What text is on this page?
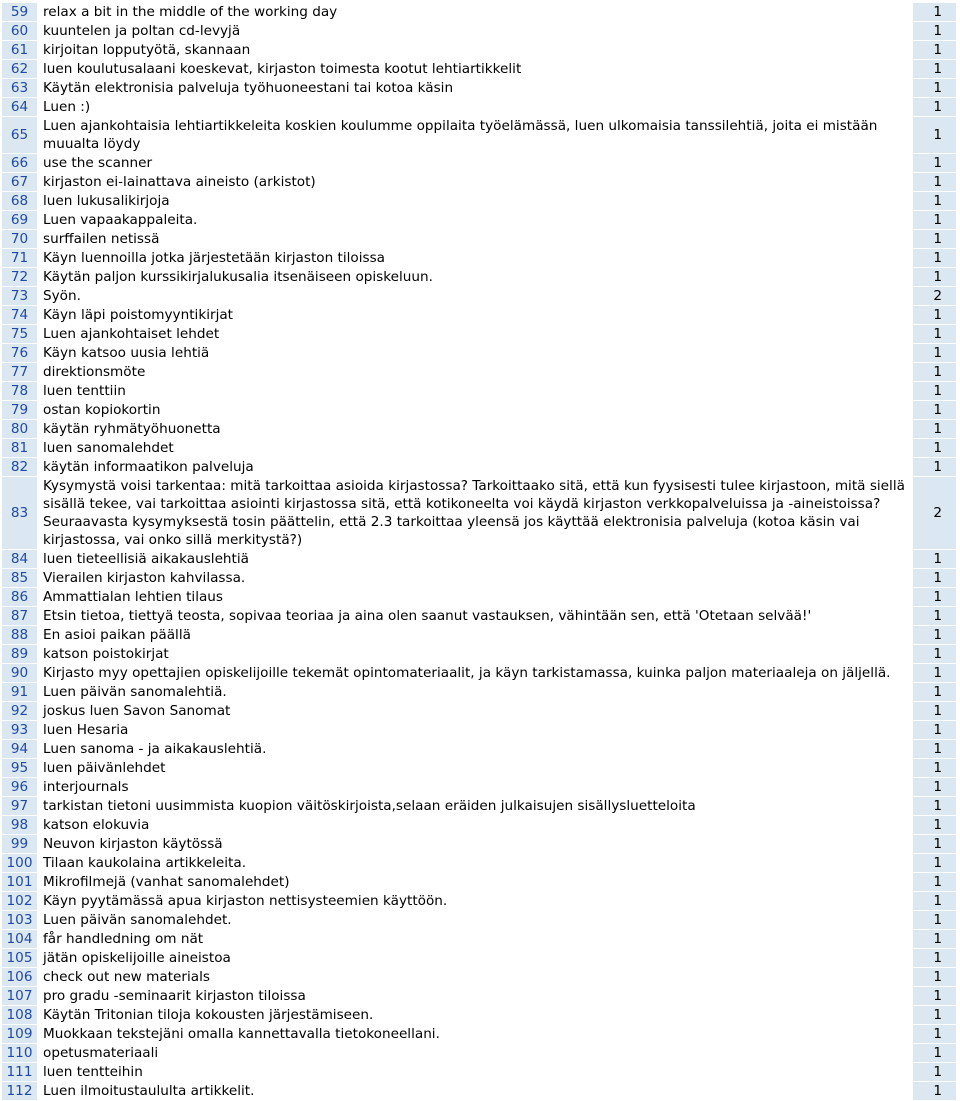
59	relax a bit in the middle of the working day	1
60	kuuntelen ja poltan cd-levyjä	1
61	kirjoitan lopputyötä, skannaan	1
62	luen koulutusalaani koeskevat, kirjaston toimesta kootut lehtiartikkelit	1
63	Käytän elektronisia palveluja työhuoneestani tai kotoa käsin	1
64	Luen :)	1
65	Luen ajankohtaisia lehtiartikkeleita koskien koulumme oppilaita työelämässä, luen ulkomaisia tanssilehtiä, joita ei mistään muualta löydy	1
66	use the scanner	1
67	kirjaston ei-lainattava aineisto (arkistot)	1
68	luen lukusalikirjoja	1
69	Luen vapaakappaleita.	1
70	surffailen netissä	1
71	Käyn luennoilla jotka järjestetään kirjaston tiloissa	1
72	Käytän paljon kurssikirjalukusalia itsenäiseen opiskeluun.	1
73	Syön.	2
74	Käyn läpi poistomyyntikirjat	1
75	Luen ajankohtaiset lehdet	1
76	Käyn katsoo uusia lehtiä	1
77	direktionsmöte	1
78	luen tenttiin	1
79	ostan kopiokortin	1
80	käytän ryhmätyöhuonetta	1
81	luen sanomalehdet	1
82	käytän informaatikon palveluja	1
83	Kysymystä voisi tarkentaa: mitä tarkoittaa asioida kirjastossa? Tarkoittaako sitä, että kun fyysisesti tulee kirjastoon, mitä siellä sisällä tekee, vai tarkoittaa asiointi kirjastossa sitä, että kotikoneelta voi käydä kirjaston verkkopalveluissa ja -aineistoissa? Seuraavasta kysymyksestä tosin päättelin, että 2.3 tarkoittaa yleensä jos käyttää elektronisia palveluja (kotoa käsin vai kirjastossa, vai onko sillä merkitystä?)	2
84	luen tieteellisiä aikakauslehtiä	1
85	Vierailen kirjaston kahvilassa.	1
86	Ammattialan lehtien tilaus	1
87	Etsin tietoa, tiettyä teosta, sopivaa teoriaa ja aina olen saanut vastauksen, vähintään sen, että 'Otetaan selvää!'	1
88	En asioi paikan päällä	1
89	katson poistokirjat	1
90	Kirjasto myy opettajien opiskelijoille tekemät opintomateriaalit, ja käyn tarkistamassa, kuinka paljon materiaaleja on jäljellä.	1
91	Luen päivän sanomalehtiä.	1
92	joskus luen Savon Sanomat	1
93	luen Hesaria	1
94	Luen sanoma - ja aikakauslehtiä.	1
95	luen päivänlehdet	1
96	interjournals	1
97	tarkistan tietoni uusimmista kuopion väitöskirjoista,selaan eräiden julkaisujen sisällysluetteloita	1
98	katson elokuvia	1
99	Neuvon kirjaston käytössä	1
100	Tilaan kaukolaina artikkeleita.	1
101	Mikrofilmejä (vanhat sanomalehdet)	1
102	Käyn pyytämässä apua kirjaston nettisysteemien käyttöön.	1
103	Luen päivän sanomalehdet.	1
104	får handledning om nät	1
105	jätän opiskelijoille aineistoa	1
106	check out new materials	1
107	pro gradu -seminaarit kirjaston tiloissa	1
108	Käytän Tritonian tiloja kokousten järjestämiseen.	1
109	Muokkaan tekstejäni omalla kannettavalla tietokoneellani.	1
110	opetusmateriaali	1
111	luen tentteihin	1
112	Luen ilmoitustaululta artikkelit.	1
